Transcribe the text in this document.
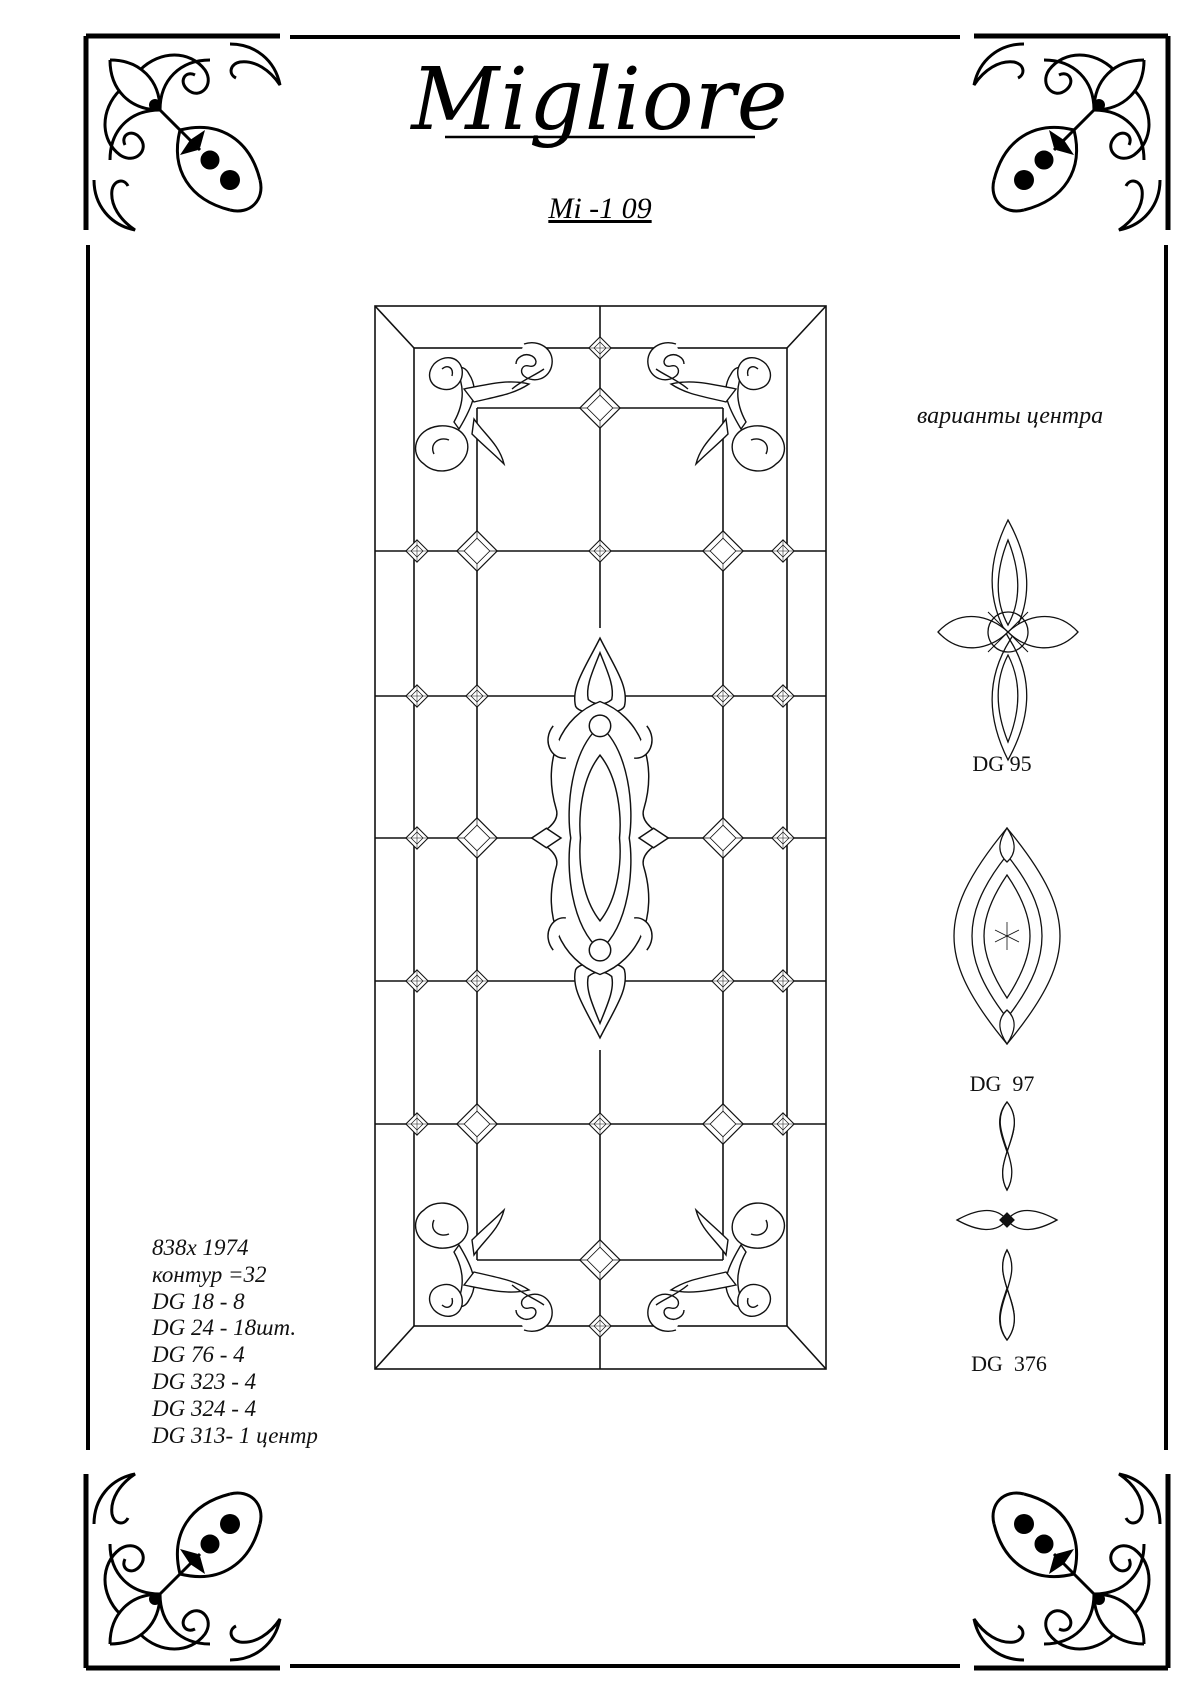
Migliore
Mi -1 09
варианты центра
DG 95
DG  97
DG  376
838x 1974
контур =32
DG 18 - 8
DG 24 - 18шт.
DG 76 - 4
DG 323 - 4
DG 324 - 4
DG 313- 1 центр
